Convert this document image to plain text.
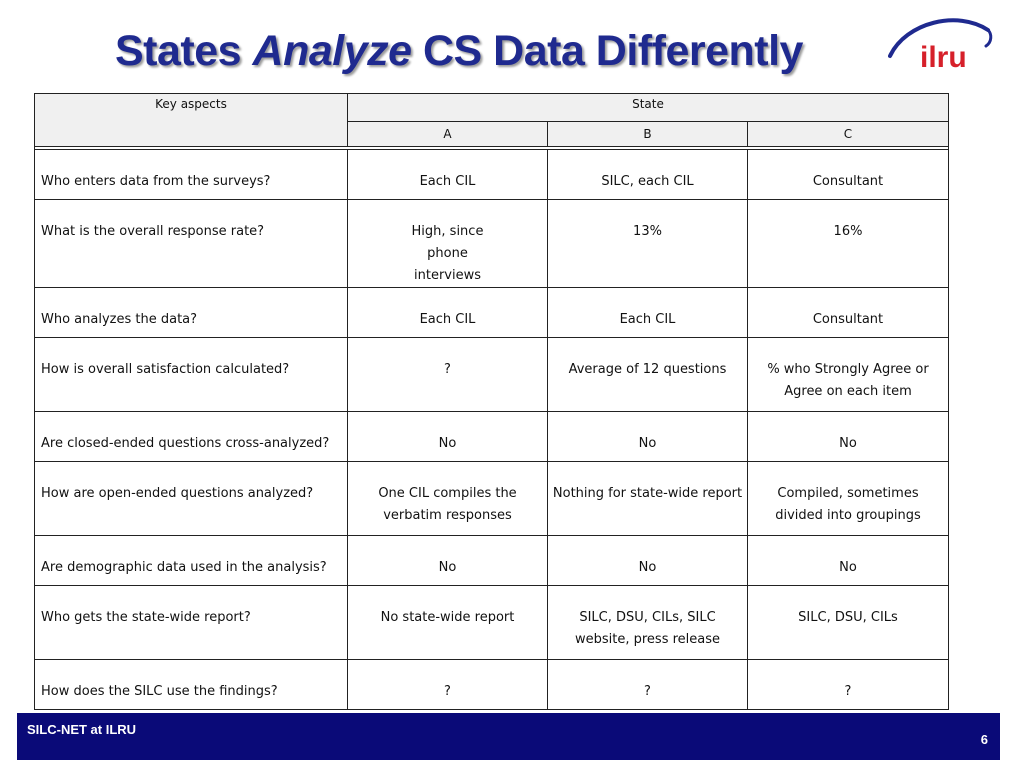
States Analyze CS Data Differently	ilru
Key aspects	State		
	A	B	C

Who enters data from the surveys?	Each CIL	SILC, each CIL	Consultant
What is the overall response rate?	High, since phone interviews	13%	16%
Who analyzes the data?	Each CIL	Each CIL	Consultant
How is overall satisfaction calculated?	?	Average of 12 questions	% who Strongly Agree or Agree on each item
Are closed-ended questions cross-analyzed?	No	No	No
How are open-ended questions analyzed?	One CIL compiles the verbatim responses	Nothing for state-wide report	Compiled, sometimes divided into groupings
Are demographic data used in the analysis?	No	No	No
Who gets the state-wide report?	No state-wide report	SILC, DSU, CILs, SILC website, press release	SILC, DSU, CILs
How does the SILC use the findings?	?	?	?
SILC-NET at ILRU
6
